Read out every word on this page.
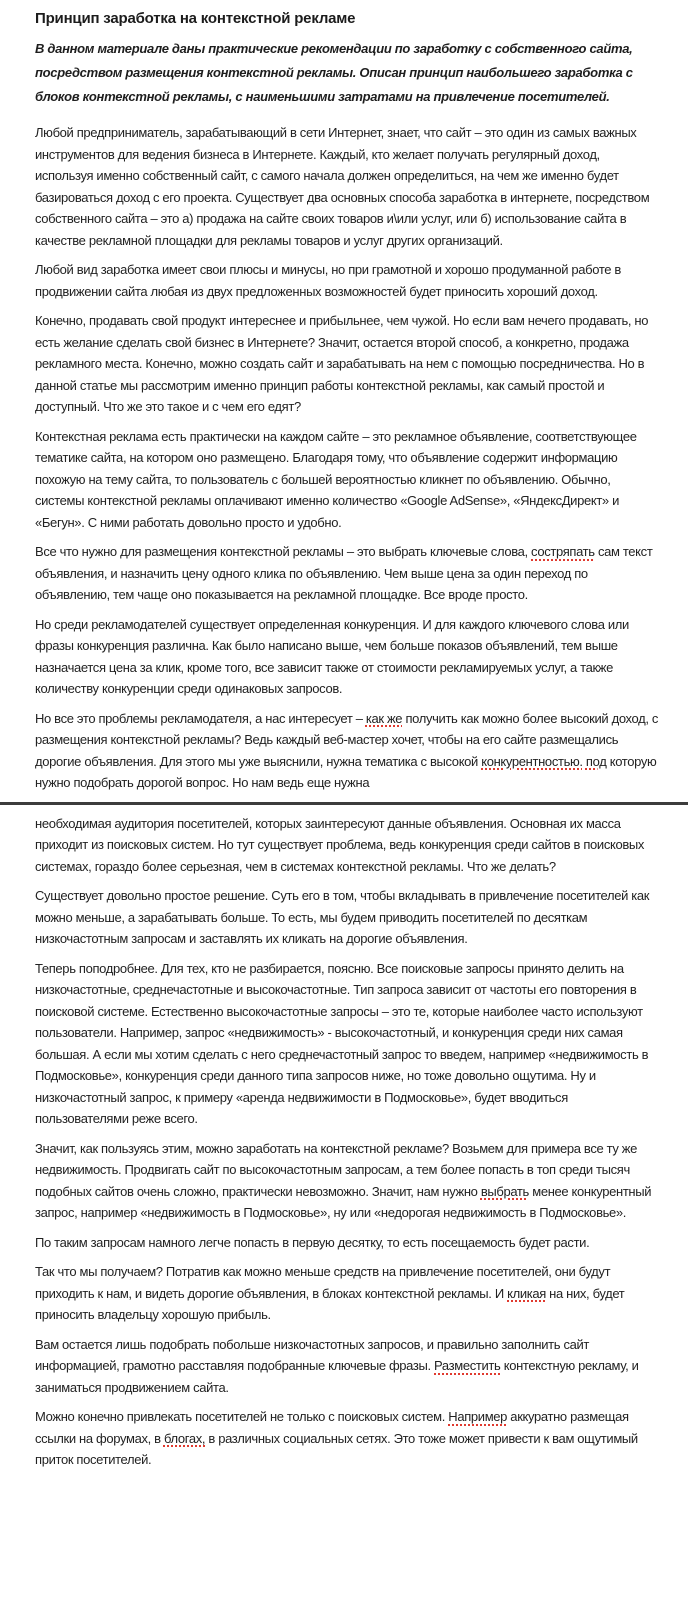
Принцип заработка на контекстной рекламе

В данном материале даны практические рекомендации по заработку с собственного сайта, посредством размещения контекстной рекламы. Описан принцип наибольшего заработка с блоков контекстной рекламы, с наименьшими затратами на привлечение посетителей.

Любой предприниматель, зарабатывающий в сети Интернет, знает, что сайт – это один из самых важных инструментов для ведения бизнеса в Интернете. Каждый, кто желает получать регулярный доход, используя именно собственный сайт, с самого начала должен определиться, на чем же именно будет базироваться доход с его проекта. Существует два основных способа заработка в интернете, посредством собственного сайта – это а) продажа на сайте своих товаров и\или услуг, или б) использование сайта в качестве рекламной площадки для рекламы товаров и услуг других организаций.

Любой вид заработка имеет свои плюсы и минусы, но при грамотной и хорошо продуманной работе в продвижении сайта любая из двух предложенных возможностей будет приносить хороший доход.

Конечно, продавать свой продукт интереснее и прибыльнее, чем чужой. Но если вам нечего продавать, но есть желание сделать свой бизнес в Интернете? Значит, остается второй способ, а конкретно, продажа рекламного места. Конечно, можно создать сайт и зарабатывать на нем с помощью посредничества. Но в данной статье мы рассмотрим именно принцип работы контекстной рекламы, как самый простой и доступный. Что же это такое и с чем его едят?

Контекстная реклама есть практически на каждом сайте – это рекламное объявление, соответствующее тематике сайта, на котором оно размещено. Благодаря тому, что объявление содержит информацию похожую на тему сайта, то пользователь с большей вероятностью кликнет по объявлению. Обычно, системы контекстной рекламы оплачивают именно количество «Google AdSense», «ЯндексДирект» и «Бегун». С ними работать довольно просто и удобно.

Все что нужно для размещения контекстной рекламы – это выбрать ключевые слова, состряпать сам текст объявления, и назначить цену одного клика по объявлению. Чем выше цена за один переход по объявлению, тем чаще оно показывается на рекламной площадке. Все вроде просто.

Но среди рекламодателей существует определенная конкуренция. И для каждого ключевого слова или фразы конкуренция различна. Как было написано выше, чем больше показов объявлений, тем выше назначается цена за клик, кроме того, все зависит также от стоимости рекламируемых услуг, а также количеству конкуренции среди одинаковых запросов.

Но все это проблемы рекламодателя, а нас интересует – как же получить как можно более высокий доход, с размещения контекстной рекламы? Ведь каждый веб-мастер хочет, чтобы на его сайте размещались дорогие объявления. Для этого мы уже выяснили, нужна тематика с высокой конкурентностью. под которую нужно подобрать дорогой вопрос. Но нам ведь еще нужна

необходимая аудитория посетителей, которых заинтересуют данные объявления. Основная их масса приходит из поисковых систем. Но тут существует проблема, ведь конкуренция среди сайтов в поисковых системах, гораздо более серьезная, чем в системах контекстной рекламы. Что же делать?

Существует довольно простое решение. Суть его в том, чтобы вкладывать в привлечение посетителей как можно меньше, а зарабатывать больше. То есть, мы будем приводить посетителей по десяткам низкочастотным запросам и заставлять их кликать на дорогие объявления.

Теперь поподробнее. Для тех, кто не разбирается, поясню. Все поисковые запросы принято делить на низкочастотные, среднечастотные и высокочастотные. Тип запроса зависит от частоты его повторения в поисковой системе. Естественно высокочастотные запросы – это те, которые наиболее часто используют пользователи. Например, запрос «недвижимость» - высокочастотный, и конкуренция среди них самая большая. А если мы хотим сделать с него среднечастотный запрос то введем, например «недвижимость в Подмосковье», конкуренция среди данного типа запросов ниже, но тоже довольно ощутима. Ну и низкочастотный запрос, к примеру «аренда недвижимости в Подмосковье», будет вводиться пользователями реже всего.

Значит, как пользуясь этим, можно заработать на контекстной рекламе? Возьмем для примера все ту же недвижимость. Продвигать сайт по высокочастотным запросам, а тем более попасть в топ среди тысяч подобных сайтов очень сложно, практически невозможно. Значит, нам нужно выбрать менее конкурентный запрос, например «недвижимость в Подмосковье», ну или «недорогая недвижимость в Подмосковье».

По таким запросам намного легче попасть в первую десятку, то есть посещаемость будет расти.

Так что мы получаем? Потратив как можно меньше средств на привлечение посетителей, они будут приходить к нам, и видеть дорогие объявления, в блоках контекстной рекламы. И кликая на них, будет приносить владельцу хорошую прибыль.

Вам остается лишь подобрать побольше низкочастотных запросов, и правильно заполнить сайт информацией, грамотно расставляя подобранные ключевые фразы. Разместить контекстную рекламу, и заниматься продвижением сайта.

Можно конечно привлекать посетителей не только с поисковых систем. Например аккуратно размещая ссылки на форумах, в блогах, в различных социальных сетях. Это тоже может привести к вам ощутимый приток посетителей.
